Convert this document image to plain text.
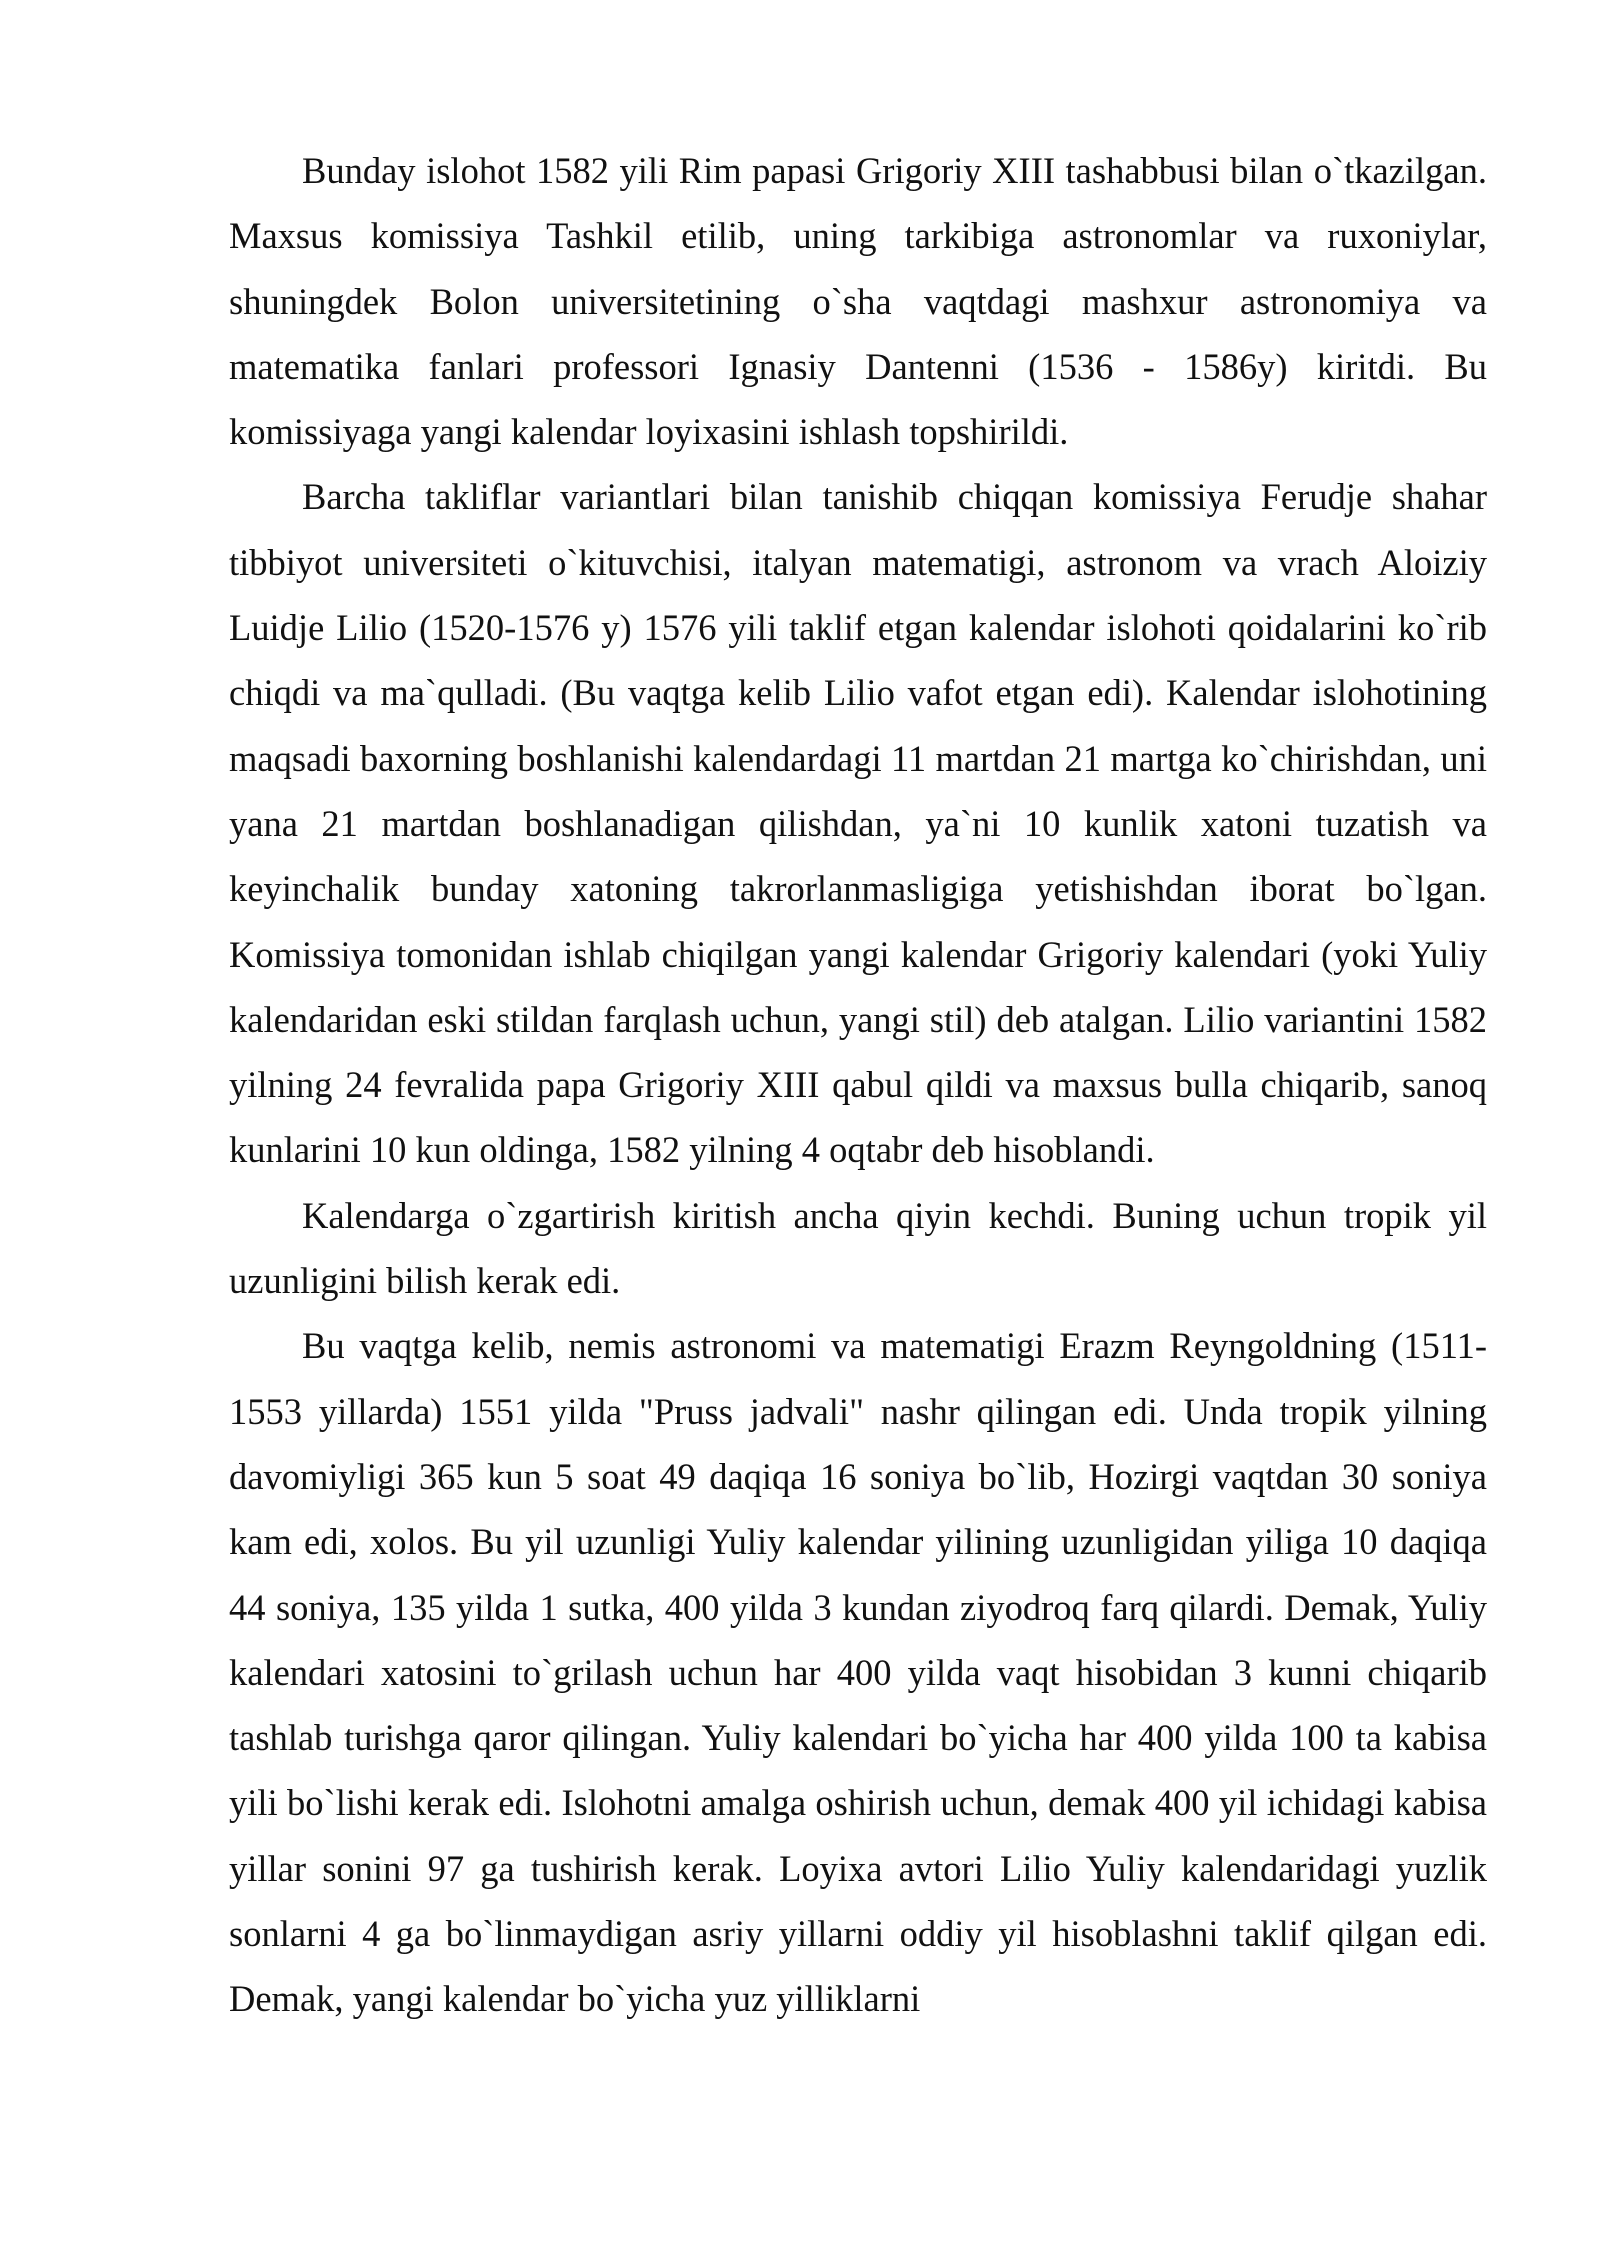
Bunday islohot 1582 yili Rim papasi Grigoriy XIII tashabbusi bilan o`tkazilgan. Maxsus komissiya Tashkil etilib, uning tarkibiga astronomlar va ruxoniylar, shuningdek Bolon universitetining o`sha vaqtdagi mashxur astronomiya va matematika fanlari professori Ignasiy Dantenni (1536 - 1586y) kiritdi. Bu komissiyaga yangi kalendar loyixasini ishlash topshirildi.

Barcha takliflar variantlari bilan tanishib chiqqan komissiya Ferudje shahar tibbiyot universiteti o`kituvchisi, italyan matematigi, astronom va vrach Aloiziy Luidje Lilio (1520-1576 y) 1576 yili taklif etgan kalendar islohoti qoidalarini ko`rib chiqdi va ma`qulladi. (Bu vaqtga kelib Lilio vafot etgan edi). Kalendar islohotining maqsadi baxorning boshlanishi kalendardagi 11 martdan 21 martga ko`chirishdan, uni yana 21 martdan boshlanadigan qilishdan, ya`ni 10 kunlik xatoni tuzatish va keyinchalik bunday xatoning takrorlanmasligiga yetishishdan iborat bo`lgan. Komissiya tomonidan ishlab chiqilgan yangi kalendar Grigoriy kalendari (yoki Yuliy kalendaridan eski stildan farqlash uchun, yangi stil) deb atalgan. Lilio variantini 1582 yilning 24 fevralida papa Grigoriy XIII qabul qildi va maxsus bulla chiqarib, sanoq kunlarini 10 kun oldinga, 1582 yilning 4 oqtabr deb hisoblandi.

Kalendarga o`zgartirish kiritish ancha qiyin kechdi. Buning uchun tropik yil uzunligini bilish kerak edi.

Bu vaqtga kelib, nemis astronomi va matematigi Erazm Reyngoldning (1511-1553 yillarda) 1551 yilda "Pruss jadvali" nashr qilingan edi. Unda tropik yilning davomiyligi 365 kun 5 soat 49 daqiqa 16 soniya bo`lib, Hozirgi vaqtdan 30 soniya kam edi, xolos. Bu yil uzunligi Yuliy kalendar yilining uzunligidan yiliga 10 daqiqa 44 soniya, 135 yilda 1 sutka, 400 yilda 3 kundan ziyodroq farq qilardi. Demak, Yuliy kalendari xatosini to`grilash uchun har 400 yilda vaqt hisobidan 3 kunni chiqarib tashlab turishga qaror qilingan. Yuliy kalendari bo`yicha har 400 yilda 100 ta kabisa yili bo`lishi kerak edi. Islohotni amalga oshirish uchun, demak 400 yil ichidagi kabisa yillar sonini 97 ga tushirish kerak. Loyixa avtori Lilio Yuliy kalendaridagi yuzlik sonlarni 4 ga bo`linmaydigan asriy yillarni oddiy yil hisoblashni taklif qilgan edi. Demak, yangi kalendar bo`yicha yuz yilliklarni
